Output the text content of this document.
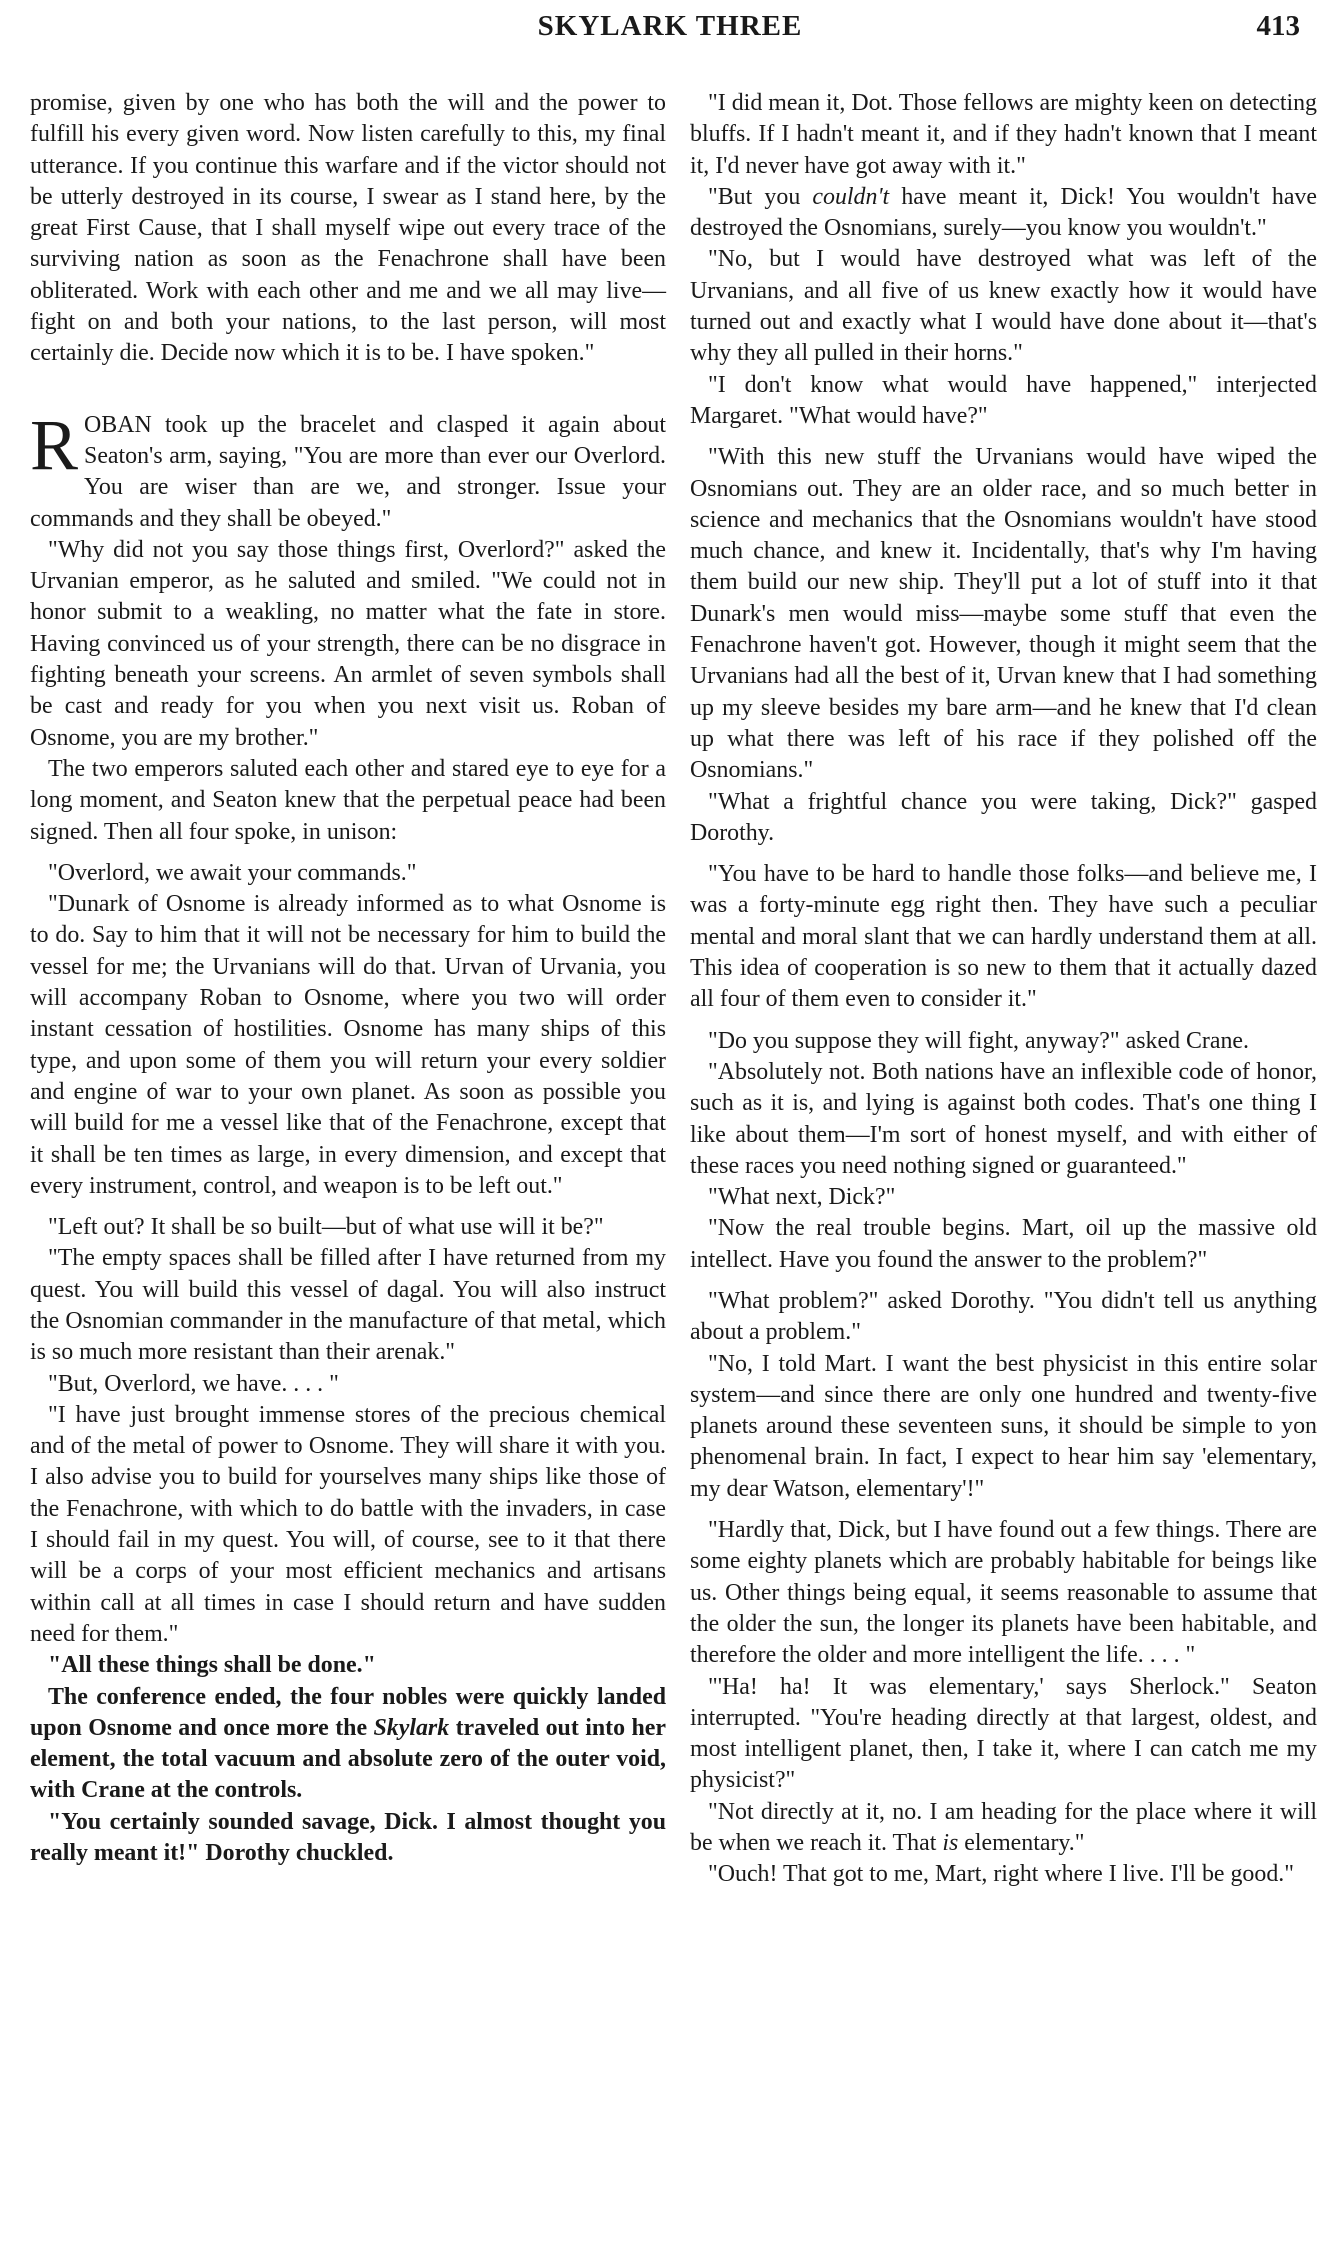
SKYLARK THREE	413

promise, given by one who has both the will and the power to fulfill his every given word. Now listen carefully to this, my final utterance. If you continue this warfare and if the victor should not be utterly destroyed in its course, I swear as I stand here, by the great First Cause, that I shall myself wipe out every trace of the surviving nation as soon as the Fenachrone shall have been obliterated. Work with each other and me and we all may live—fight on and both your nations, to the last person, will most certainly die. Decide now which it is to be. I have spoken."

ROBAN took up the bracelet and clasped it again about Seaton's arm, saying, "You are more than ever our Overlord. You are wiser than are we, and stronger. Issue your commands and they shall be obeyed."

"Why did not you say those things first, Overlord?" asked the Urvanian emperor, as he saluted and smiled. "We could not in honor submit to a weakling, no matter what the fate in store. Having convinced us of your strength, there can be no disgrace in fighting beneath your screens. An armlet of seven symbols shall be cast and ready for you when you next visit us. Roban of Osnome, you are my brother."

The two emperors saluted each other and stared eye to eye for a long moment, and Seaton knew that the perpetual peace had been signed. Then all four spoke, in unison:

"Overlord, we await your commands."

"Dunark of Osnome is already informed as to what Osnome is to do. Say to him that it will not be necessary for him to build the vessel for me; the Urvanians will do that. Urvan of Urvania, you will accompany Roban to Osnome, where you two will order instant cessation of hostilities. Osnome has many ships of this type, and upon some of them you will return your every soldier and engine of war to your own planet. As soon as possible you will build for me a vessel like that of the Fenachrone, except that it shall be ten times as large, in every dimension, and except that every instrument, control, and weapon is to be left out."

"Left out? It shall be so built—but of what use will it be?"

"The empty spaces shall be filled after I have returned from my quest. You will build this vessel of dagal. You will also instruct the Osnomian commander in the manufacture of that metal, which is so much more resistant than their arenak."

"But, Overlord, we have. . . . "

"I have just brought immense stores of the precious chemical and of the metal of power to Osnome. They will share it with you. I also advise you to build for yourselves many ships like those of the Fenachrone, with which to do battle with the invaders, in case I should fail in my quest. You will, of course, see to it that there will be a corps of your most efficient mechanics and artisans within call at all times in case I should return and have sudden need for them."

"All these things shall be done."

The conference ended, the four nobles were quickly landed upon Osnome and once more the Skylark traveled out into her element, the total vacuum and absolute zero of the outer void, with Crane at the controls.

"You certainly sounded savage, Dick. I almost thought you really meant it!" Dorothy chuckled.

"I did mean it, Dot. Those fellows are mighty keen on detecting bluffs. If I hadn't meant it, and if they hadn't known that I meant it, I'd never have got away with it."

"But you couldn't have meant it, Dick! You wouldn't have destroyed the Osnomians, surely—you know you wouldn't."

"No, but I would have destroyed what was left of the Urvanians, and all five of us knew exactly how it would have turned out and exactly what I would have done about it—that's why they all pulled in their horns."

"I don't know what would have happened," interjected Margaret. "What would have?"

"With this new stuff the Urvanians would have wiped the Osnomians out. They are an older race, and so much better in science and mechanics that the Osnomians wouldn't have stood much chance, and knew it. Incidentally, that's why I'm having them build our new ship. They'll put a lot of stuff into it that Dunark's men would miss—maybe some stuff that even the Fenachrone haven't got. However, though it might seem that the Urvanians had all the best of it, Urvan knew that I had something up my sleeve besides my bare arm—and he knew that I'd clean up what there was left of his race if they polished off the Osnomians."

"What a frightful chance you were taking, Dick?" gasped Dorothy.

"You have to be hard to handle those folks—and believe me, I was a forty-minute egg right then. They have such a peculiar mental and moral slant that we can hardly understand them at all. This idea of cooperation is so new to them that it actually dazed all four of them even to consider it."

"Do you suppose they will fight, anyway?" asked Crane.

"Absolutely not. Both nations have an inflexible code of honor, such as it is, and lying is against both codes. That's one thing I like about them—I'm sort of honest myself, and with either of these races you need nothing signed or guaranteed."

"What next, Dick?"

"Now the real trouble begins. Mart, oil up the massive old intellect. Have you found the answer to the problem?"

"What problem?" asked Dorothy. "You didn't tell us anything about a problem."

"No, I told Mart. I want the best physicist in this entire solar system—and since there are only one hundred and twenty-five planets around these seventeen suns, it should be simple to yon phenomenal brain. In fact, I expect to hear him say 'elementary, my dear Watson, elementary'!"

"Hardly that, Dick, but I have found out a few things. There are some eighty planets which are probably habitable for beings like us. Other things being equal, it seems reasonable to assume that the older the sun, the longer its planets have been habitable, and therefore the older and more intelligent the life. . . . "

"'Ha! ha! It was elementary,' says Sherlock." Seaton interrupted. "You're heading directly at that largest, oldest, and most intelligent planet, then, I take it, where I can catch me my physicist?"

"Not directly at it, no. I am heading for the place where it will be when we reach it. That is elementary."

"Ouch! That got to me, Mart, right where I live. I'll be good."
